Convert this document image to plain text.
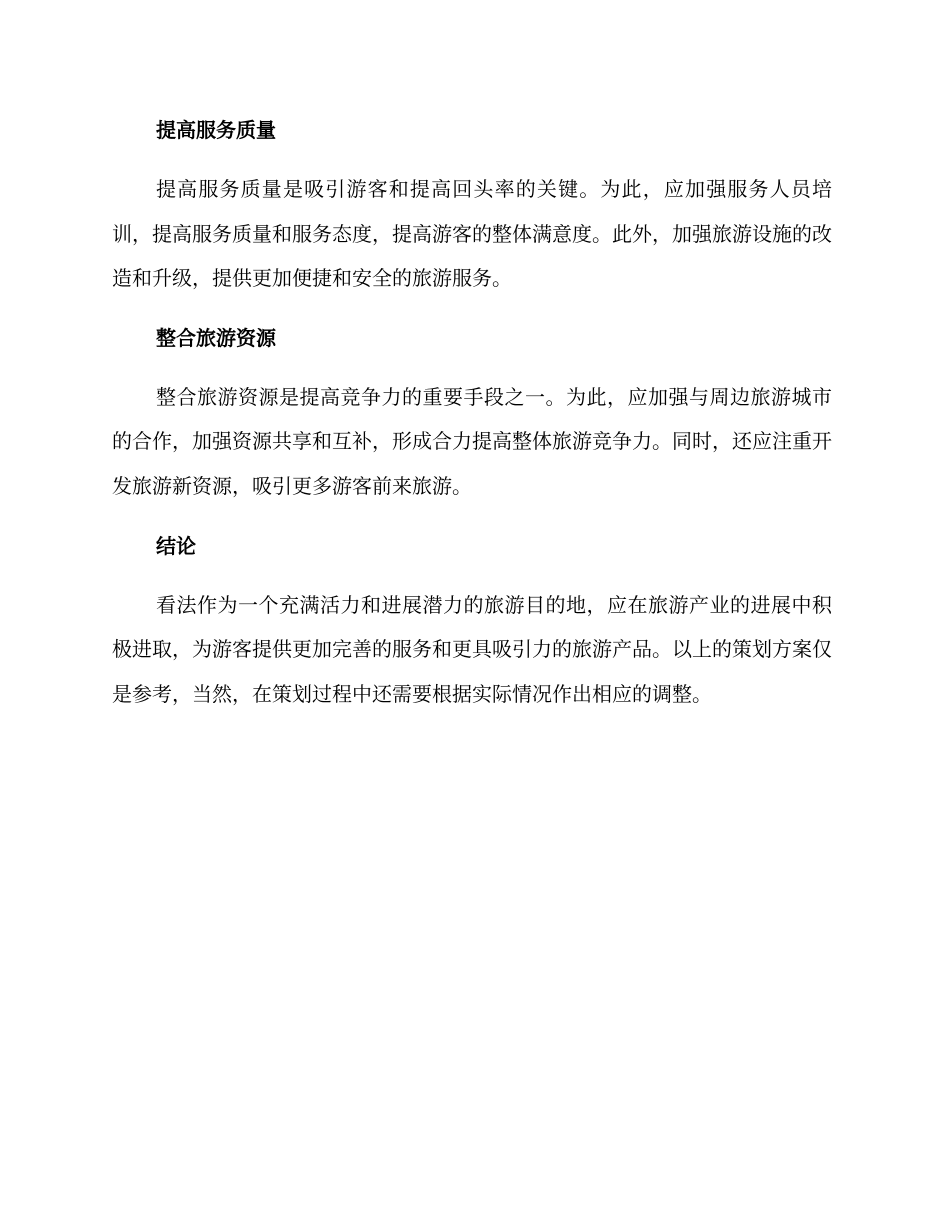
提高服务质量

提高服务质量是吸引游客和提高回头率的关键。为此，应加强服务人员培训，提高服务质量和服务态度，提高游客的整体满意度。此外，加强旅游设施的改造和升级，提供更加便捷和安全的旅游服务。

整合旅游资源

整合旅游资源是提高竞争力的重要手段之一。为此，应加强与周边旅游城市的合作，加强资源共享和互补，形成合力提高整体旅游竞争力。同时，还应注重开发旅游新资源，吸引更多游客前来旅游。

结论

看法作为一个充满活力和进展潜力的旅游目的地，应在旅游产业的进展中积极进取，为游客提供更加完善的服务和更具吸引力的旅游产品。以上的策划方案仅是参考，当然，在策划过程中还需要根据实际情况作出相应的调整。
